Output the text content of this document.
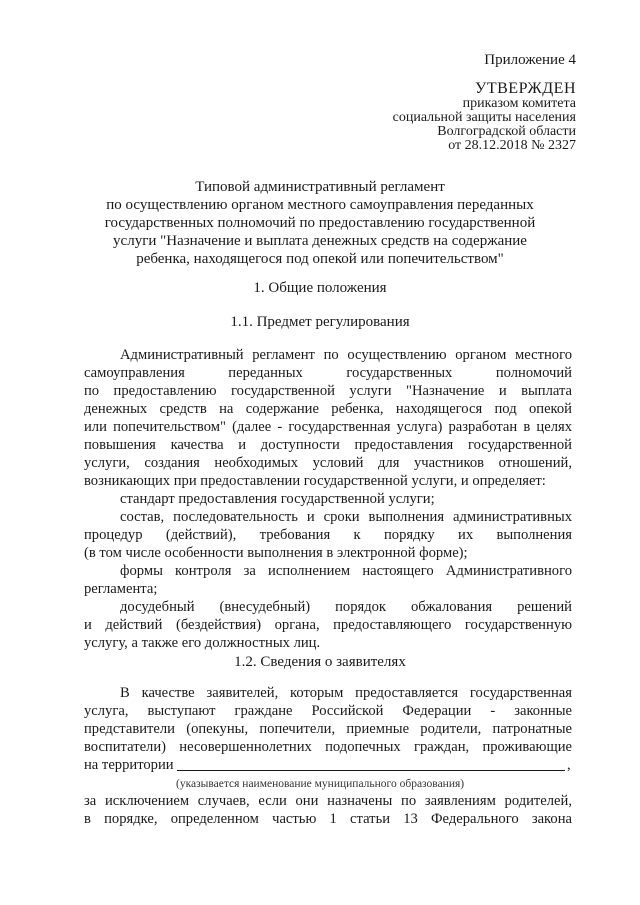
Приложение 4
УТВЕРЖДЕН
приказом комитета
социальной защиты населения
Волгоградской области
от 28.12.2018 № 2327
Типовой административный регламент
по осуществлению органом местного самоуправления переданных
государственных полномочий по предоставлению государственной
услуги "Назначение и выплата денежных средств на содержание
ребенка, находящегося под опекой или попечительством"
1. Общие положения
1.1. Предмет регулирования
Административный регламент по осуществлению органом местного
самоуправления переданных государственных полномочий
по предоставлению государственной услуги "Назначение и выплата
денежных средств на содержание ребенка, находящегося под опекой
или попечительством" (далее - государственная услуга) разработан в целях
повышения качества и доступности предоставления государственной
услуги, создания необходимых условий для участников отношений,
возникающих при предоставлении государственной услуги, и определяет:
стандарт предоставления государственной услуги;
состав, последовательность и сроки выполнения административных
процедур (действий), требования к порядку их выполнения
(в том числе особенности выполнения в электронной форме);
формы контроля за исполнением настоящего Административного
регламента;
досудебный (внесудебный) порядок обжалования решений
и действий (бездействия) органа, предоставляющего государственную
услугу, а также его должностных лиц.
1.2. Сведения о заявителях
В качестве заявителей, которым предоставляется государственная
услуга, выступают граждане Российской Федерации - законные
представители (опекуны, попечители, приемные родители, патронатные
воспитатели) несовершеннолетних подопечных граждан, проживающие
на территории	,
(указывается наименование муниципального образования)
за исключением случаев, если они назначены по заявлениям родителей,
в порядке, определенном частью 1 статьи 13 Федерального закона
